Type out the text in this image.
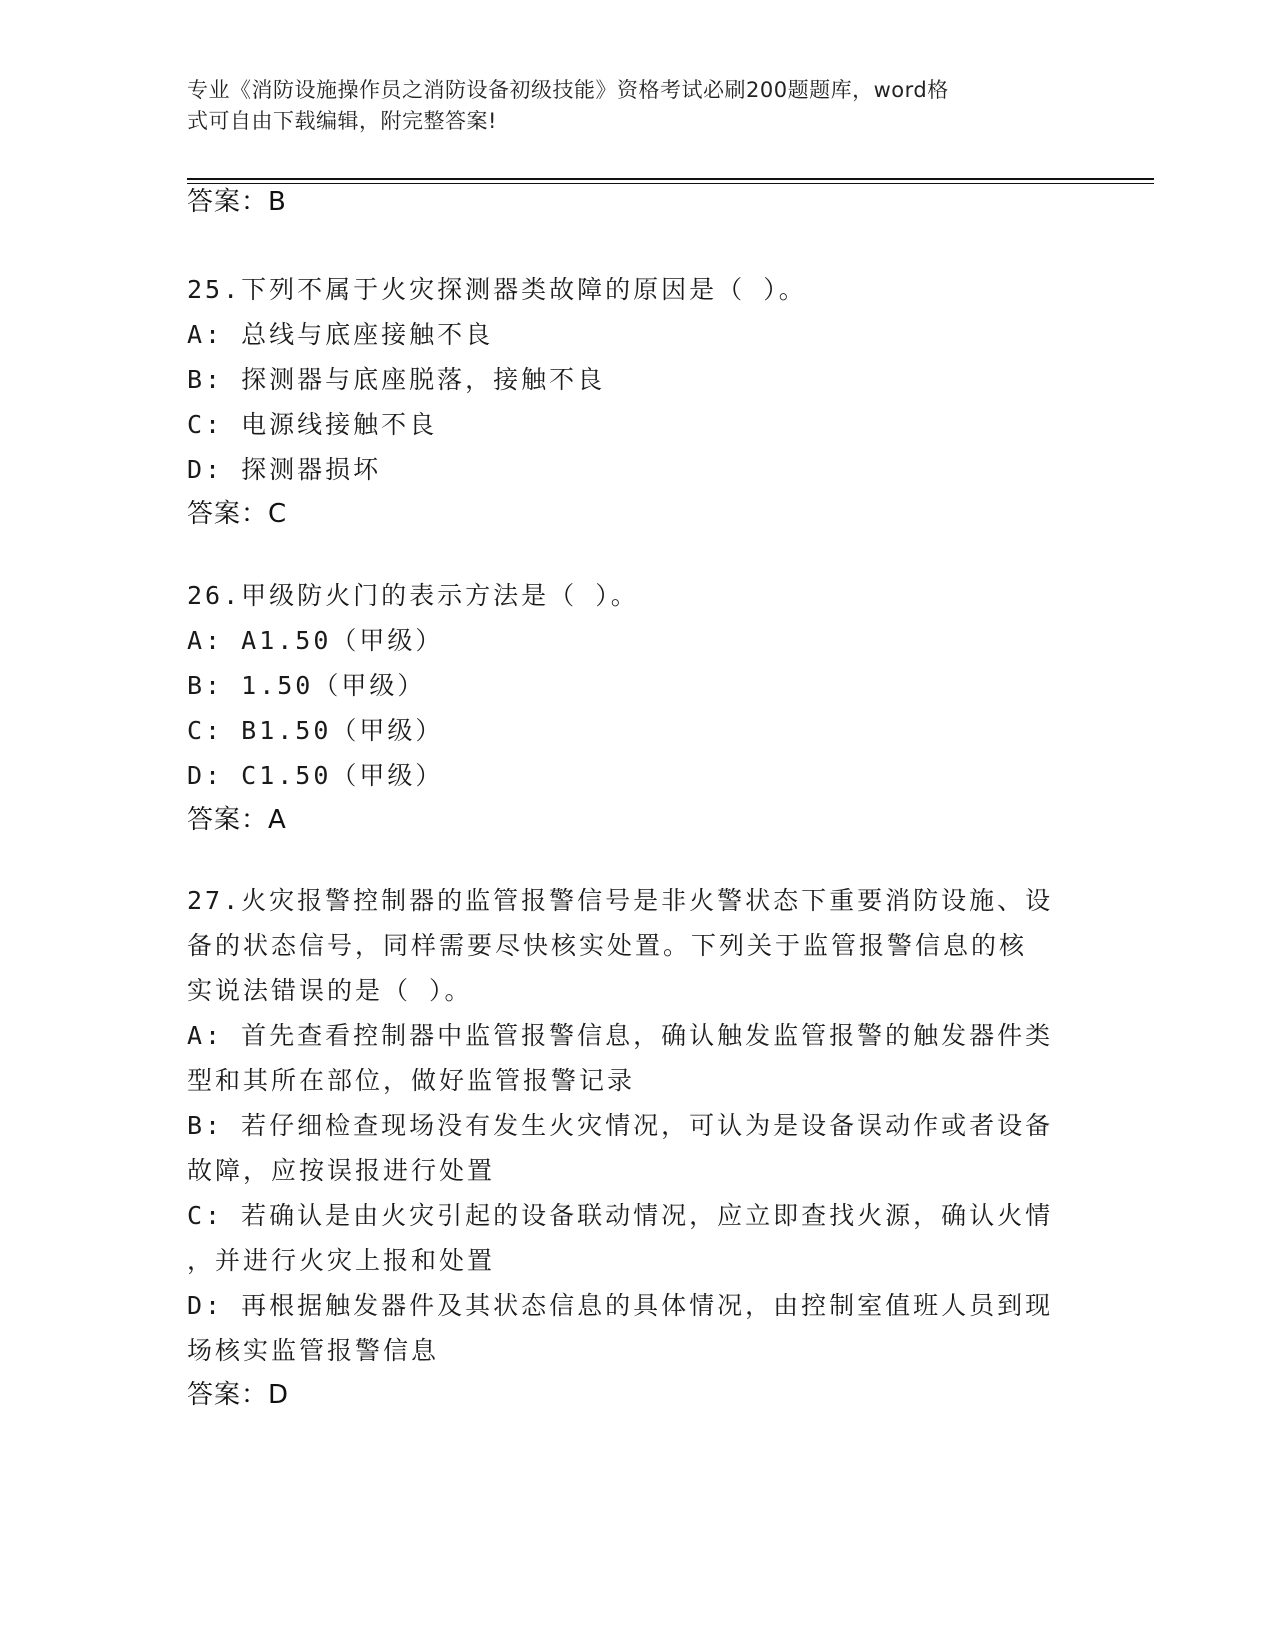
专业《消防设施操作员之消防设备初级技能》资格考试必刷200题题库，word格
式可自由下载编辑，附完整答案!
答案：B
25.下列不属于火灾探测器类故障的原因是（ ）。
A: 总线与底座接触不良
B: 探测器与底座脱落，接触不良
C: 电源线接触不良
D: 探测器损坏
答案：C
26.甲级防火门的表示方法是（ ）。
A: A1.50（甲级）
B: 1.50（甲级）
C: B1.50（甲级）
D: C1.50（甲级）
答案：A
27.火灾报警控制器的监管报警信号是非火警状态下重要消防设施、设
备的状态信号，同样需要尽快核实处置。下列关于监管报警信息的核
实说法错误的是（ ）。
A: 首先查看控制器中监管报警信息，确认触发监管报警的触发器件类
型和其所在部位，做好监管报警记录
B: 若仔细检查现场没有发生火灾情况，可认为是设备误动作或者设备
故障，应按误报进行处置
C: 若确认是由火灾引起的设备联动情况，应立即查找火源，确认火情
，并进行火灾上报和处置
D: 再根据触发器件及其状态信息的具体情况，由控制室值班人员到现
场核实监管报警信息
答案：D
